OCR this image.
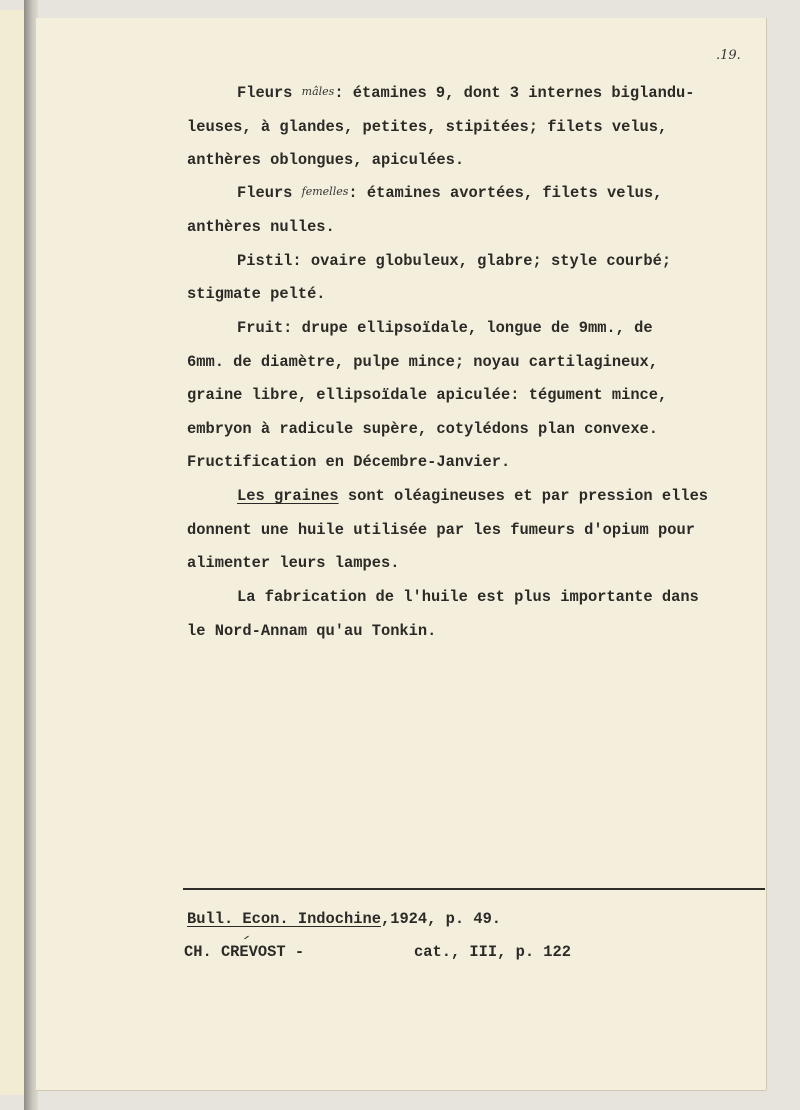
.19.
Fleurs mâles: étamines 9, dont 3 internes biglandu-
leuses, à glandes, petites, stipitées; filets velus,
anthères oblongues, apiculées.
Fleurs femelles: étamines avortées, filets velus,
anthères nulles.
Pistil: ovaire globuleux, glabre; style courbé;
stigmate pelté.
Fruit: drupe ellipsoïdale, longue de 9mm., de
6mm. de diamètre, pulpe mince; noyau cartilagineux,
graine libre, ellipsoïdale apiculée: tégument mince,
embryon à radicule supère, cotylédons plan convexe.
Fructification en Décembre-Janvier.
Les graines sont oléagineuses et par pression elles
donnent une huile utilisée par les fumeurs d'opium pour
alimenter leurs lampes.
La fabrication de l'huile est plus importante dans
le Nord-Annam qu'au Tonkin.
Bull. Econ. Indochine,1924, p. 49.
CH. CREVOST -	cat., III, p. 122
